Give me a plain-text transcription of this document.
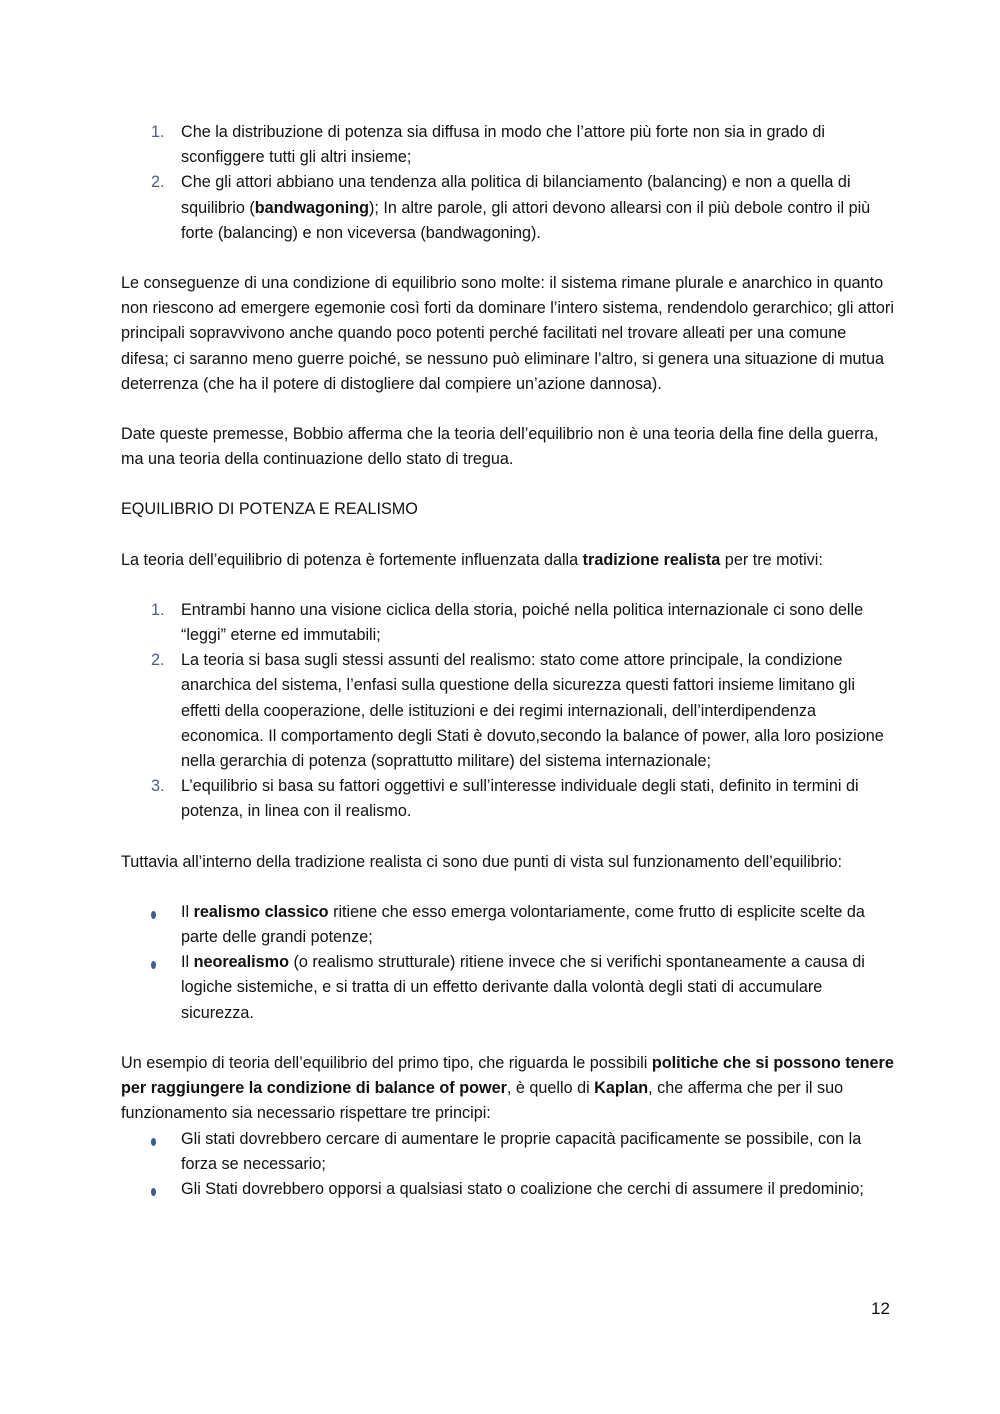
1. Che la distribuzione di potenza sia diffusa in modo che l’attore più forte non sia in grado di sconfiggere tutti gli altri insieme;
2. Che gli attori abbiano una tendenza alla politica di bilanciamento (balancing) e non a quella di squilibrio (bandwagoning); In altre parole, gli attori devono allearsi con il più debole contro il più forte (balancing) e non viceversa (bandwagoning).

Le conseguenze di una condizione di equilibrio sono molte: il sistema rimane plurale e anarchico in quanto non riescono ad emergere egemonie così forti da dominare l’intero sistema, rendendolo gerarchico; gli attori principali sopravvivono anche quando poco potenti perché facilitati nel trovare alleati per una comune difesa; ci saranno meno guerre poiché, se nessuno può eliminare l’altro, si genera una situazione di mutua deterrenza (che ha il potere di distogliere dal compiere un’azione dannosa).

Date queste premesse, Bobbio afferma che la teoria dell’equilibrio non è una teoria della fine della guerra, ma una teoria della continuazione dello stato di tregua.

EQUILIBRIO DI POTENZA E REALISMO

La teoria dell’equilibrio di potenza è fortemente influenzata dalla tradizione realista per tre motivi:

1. Entrambi hanno una visione ciclica della storia, poiché nella politica internazionale ci sono delle “leggi” eterne ed immutabili;
2. La teoria si basa sugli stessi assunti del realismo: stato come attore principale, la condizione anarchica del sistema, l’enfasi sulla questione della sicurezza questi fattori insieme limitano gli effetti della cooperazione, delle istituzioni e dei regimi internazionali, dell’interdipendenza economica. Il comportamento degli Stati è dovuto,secondo la balance of power, alla loro posizione nella gerarchia di potenza (soprattutto militare) del sistema internazionale;
3. L’equilibrio si basa su fattori oggettivi e sull’interesse individuale degli stati, definito in termini di potenza, in linea con il realismo.

Tuttavia all’interno della tradizione realista ci sono due punti di vista sul funzionamento dell’equilibrio:

Il realismo classico ritiene che esso emerga volontariamente, come frutto di esplicite scelte da parte delle grandi potenze;
Il neorealismo (o realismo strutturale) ritiene invece che si verifichi spontaneamente a causa di logiche sistemiche, e si tratta di un effetto derivante dalla volontà degli stati di accumulare sicurezza.

Un esempio di teoria dell’equilibrio del primo tipo, che riguarda le possibili politiche che si possono tenere per raggiungere la condizione di balance of power, è quello di Kaplan, che afferma che per il suo funzionamento sia necessario rispettare tre principi:

Gli stati dovrebbero cercare di aumentare le proprie capacità pacificamente se possibile, con la forza se necessario;
Gli Stati dovrebbero opporsi a qualsiasi stato o coalizione che cerchi di assumere il predominio;
12
